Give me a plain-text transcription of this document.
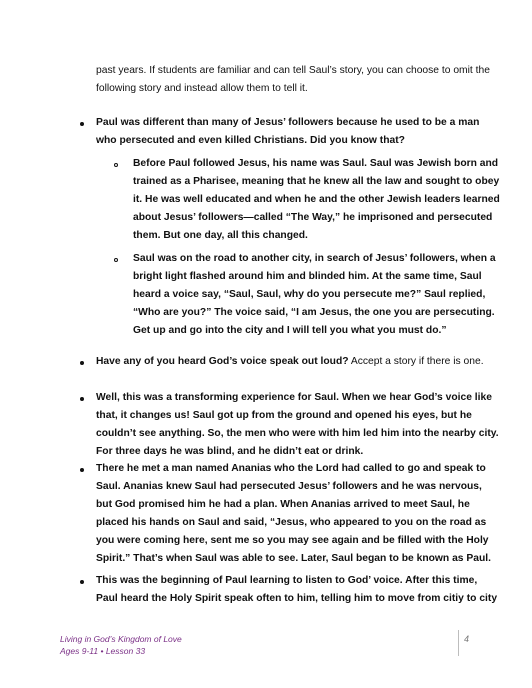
past years. If students are familiar and can tell Saul’s story, you can choose to omit the

following story and instead allow them to tell it.

Paul was different than many of Jesus’ followers because he used to be a man

who persecuted and even killed Christians. Did you know that?

Before Paul followed Jesus, his name was Saul. Saul was Jewish born and

trained as a Pharisee, meaning that he knew all the law and sought to obey

it. He was well educated and when he and the other Jewish leaders learned

about Jesus’ followers—called “The Way,” he imprisoned and persecuted

them. But one day, all this changed.

Saul was on the road to another city, in search of Jesus’ followers, when a

bright light flashed around him and blinded him. At the same time, Saul

heard a voice say, “Saul, Saul, why do you persecute me?” Saul replied,

“Who are you?” The voice said, “I am Jesus, the one you are persecuting.

Get up and go into the city and I will tell you what you must do.”

Have any of you heard God’s voice speak out loud? Accept a story if there is one.

Well, this was a transforming experience for Saul. When we hear God’s voice like

that, it changes us! Saul got up from the ground and opened his eyes, but he

couldn’t see anything. So, the men who were with him led him into the nearby city.

For three days he was blind, and he didn’t eat or drink.

There he met a man named Ananias who the Lord had called to go and speak to

Saul. Ananias knew Saul had persecuted Jesus’ followers and he was nervous,

but God promised him he had a plan. When Ananias arrived to meet Saul, he

placed his hands on Saul and said, “Jesus, who appeared to you on the road as

you were coming here, sent me so you may see again and be filled with the Holy

Spirit.” That’s when Saul was able to see. Later, Saul began to be known as Paul.

This was the beginning of Paul learning to listen to God’ voice. After this time,

Paul heard the Holy Spirit speak often to him, telling him to move from citiy to city

Living in God’s Kingdom of Love
Ages 9-11 • Lesson 33
4
